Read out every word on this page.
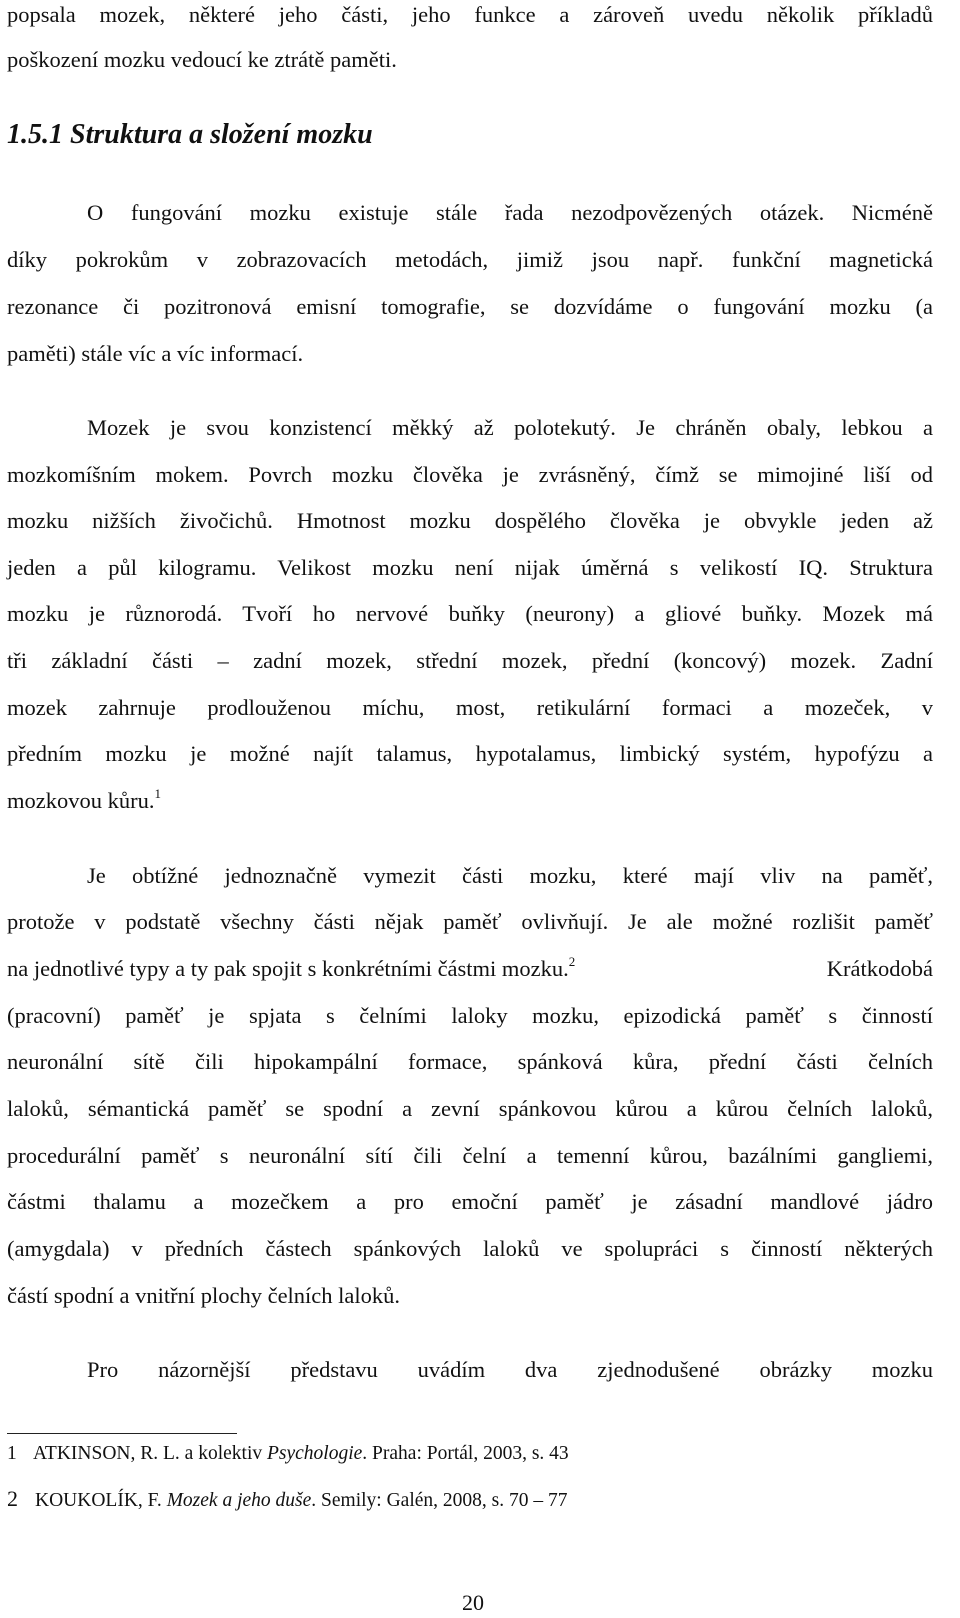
popsala mozek, některé jeho části, jeho funkce a zároveň uvedu několik příkladů

poškození mozku vedoucí ke ztrátě paměti.

1.5.1 Struktura a složení mozku

O fungování mozku existuje stále řada nezodpovězených otázek. Nicméně

díky pokrokům v zobrazovacích metodách, jimiž jsou např. funkční magnetická

rezonance či pozitronová emisní tomografie, se dozvídáme o fungování mozku (a

paměti) stále víc a víc informací.

Mozek je svou konzistencí měkký až polotekutý. Je chráněn obaly, lebkou a

mozkomíšním mokem. Povrch mozku člověka je zvrásněný, čímž se mimojiné liší od

mozku nižších živočichů. Hmotnost mozku dospělého člověka je obvykle jeden až

jeden a půl kilogramu. Velikost mozku není nijak úměrná s velikostí IQ. Struktura

mozku je různorodá. Tvoří ho nervové buňky (neurony) a gliové buňky. Mozek má

tři základní části – zadní mozek, střední mozek, přední (koncový) mozek. Zadní

mozek zahrnuje prodlouženou míchu, most, retikulární formaci a mozeček, v

předním mozku je možné najít talamus, hypotalamus, limbický systém, hypofýzu a

mozkovou kůru.$^1$

Je obtížné jednoznačně vymezit části mozku, které mají vliv na paměť,

protože v podstatě všechny části nějak paměť ovlivňují. Je ale možné rozlišit paměť

na jednotlivé typy a ty pak spojit s konkrétními částmi mozku.$^2$	Krátkodobá

(pracovní) paměť je spjata s čelními laloky mozku, epizodická paměť s činností

neuronální sítě čili hipokampální formace, spánková kůra, přední části čelních

laloků, sémantická paměť se spodní a zevní spánkovou kůrou a kůrou čelních laloků,

procedurální paměť s neuronální sítí čili čelní a temenní kůrou, bazálními gangliemi,

částmi thalamu a mozečkem a pro emoční paměť je zásadní mandlové jádro

(amygdala) v předních částech spánkových laloků ve spolupráci s činností některých

částí spodní a vnitřní plochy čelních laloků.

Pro názornější představu uvádím dva zjednodušené obrázky mozku

1 ATKINSON, R. L. a kolektiv Psychologie. Praha: Portál, 2003, s. 43

2 KOUKOLÍK, F. Mozek a jeho duše. Semily: Galén, 2008, s. 70 – 77

20
